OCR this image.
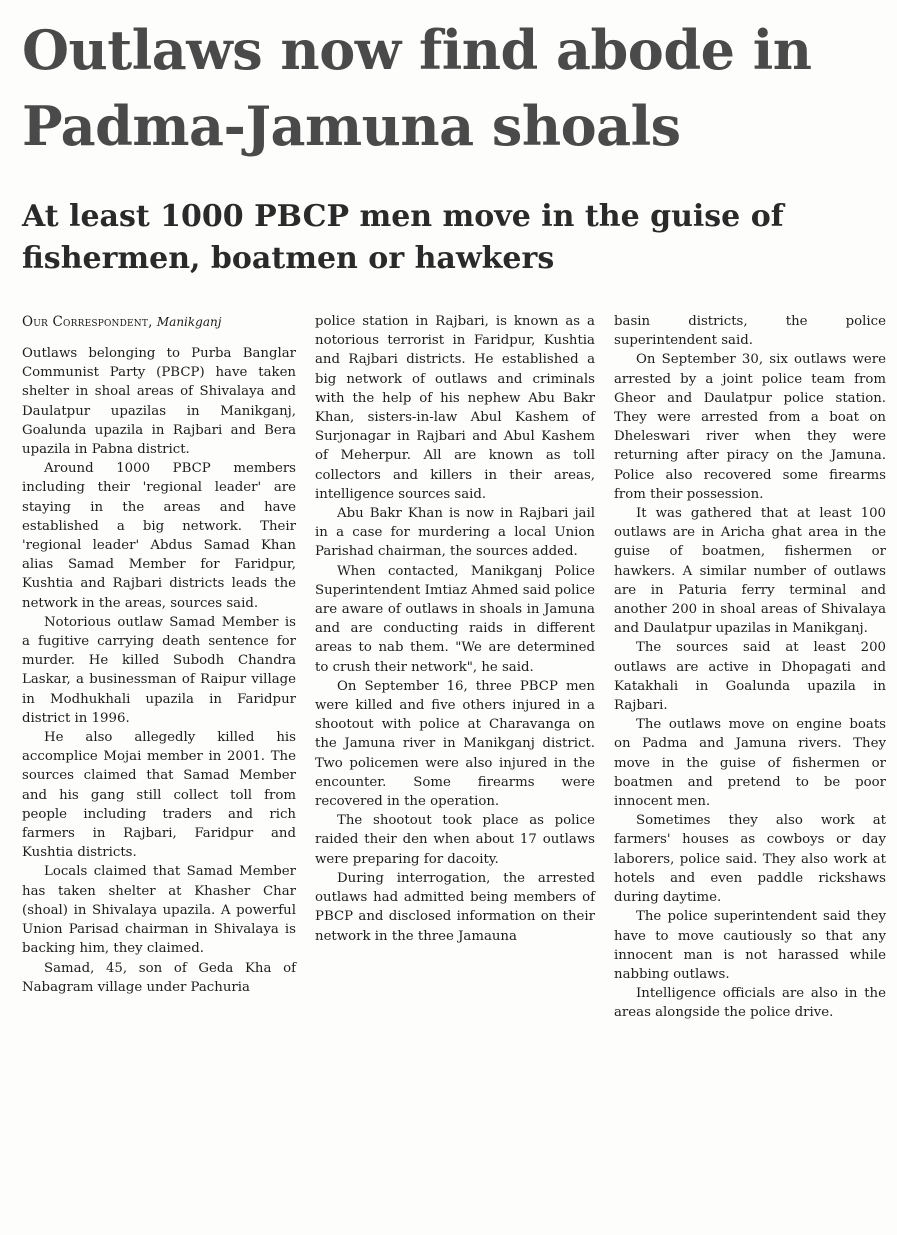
Outlaws now find abode in Padma-Jamuna shoals
At least 1000 PBCP men move in the guise of fishermen, boatmen or hawkers
Our Correspondent, Manikganj

Outlaws belonging to Purba Banglar Communist Party (PBCP) have taken shelter in shoal areas of Shivalaya and Daulatpur upazilas in Manikganj, Goalunda upazila in Rajbari and Bera upazila in Pabna district.

Around 1000 PBCP members including their 'regional leader' are staying in the areas and have established a big network. Their 'regional leader' Abdus Samad Khan alias Samad Member for Faridpur, Kushtia and Rajbari districts leads the network in the areas, sources said.

Notorious outlaw Samad Member is a fugitive carrying death sentence for murder. He killed Subodh Chandra Laskar, a businessman of Raipur village in Modhukhali upazila in Faridpur district in 1996.

He also allegedly killed his accomplice Mojai member in 2001. The sources claimed that Samad Member and his gang still collect toll from people including traders and rich farmers in Rajbari, Faridpur and Kushtia districts.

Locals claimed that Samad Member has taken shelter at Khasher Char (shoal) in Shivalaya upazila. A powerful Union Parisad chairman in Shivalaya is backing him, they claimed.

Samad, 45, son of Geda Kha of Nabagram village under Pachuria

police station in Rajbari, is known as a notorious terrorist in Faridpur, Kushtia and Rajbari districts. He established a big network of outlaws and criminals with the help of his nephew Abu Bakr Khan, sisters-in-law Abul Kashem of Surjonagar in Rajbari and Abul Kashem of Meherpur. All are known as toll collectors and killers in their areas, intelligence sources said.

Abu Bakr Khan is now in Rajbari jail in a case for murdering a local Union Parishad chairman, the sources added.

When contacted, Manikganj Police Superintendent Imtiaz Ahmed said police are aware of outlaws in shoals in Jamuna and are conducting raids in different areas to nab them. "We are determined to crush their network", he said.

On September 16, three PBCP men were killed and five others injured in a shootout with police at Charavanga on the Jamuna river in Manikganj district. Two policemen were also injured in the encounter. Some firearms were recovered in the operation.

The shootout took place as police raided their den when about 17 outlaws were preparing for dacoity.

During interrogation, the arrested outlaws had admitted being members of PBCP and disclosed information on their network in the three Jamauna

basin districts, the police superintendent said.

On September 30, six outlaws were arrested by a joint police team from Gheor and Daulatpur police station. They were arrested from a boat on Dheleswari river when they were returning after piracy on the Jamuna. Police also recovered some firearms from their possession.

It was gathered that at least 100 outlaws are in Aricha ghat area in the guise of boatmen, fishermen or hawkers. A similar number of outlaws are in Paturia ferry terminal and another 200 in shoal areas of Shivalaya and Daulatpur upazilas in Manikganj.

The sources said at least 200 outlaws are active in Dhopagati and Katakhali in Goalunda upazila in Rajbari.

The outlaws move on engine boats on Padma and Jamuna rivers. They move in the guise of fishermen or boatmen and pretend to be poor innocent men.

Sometimes they also work at farmers' houses as cowboys or day laborers, police said. They also work at hotels and even paddle rickshaws during daytime.

The police superintendent said they have to move cautiously so that any innocent man is not harassed while nabbing outlaws.

Intelligence officials are also in the areas alongside the police drive.
